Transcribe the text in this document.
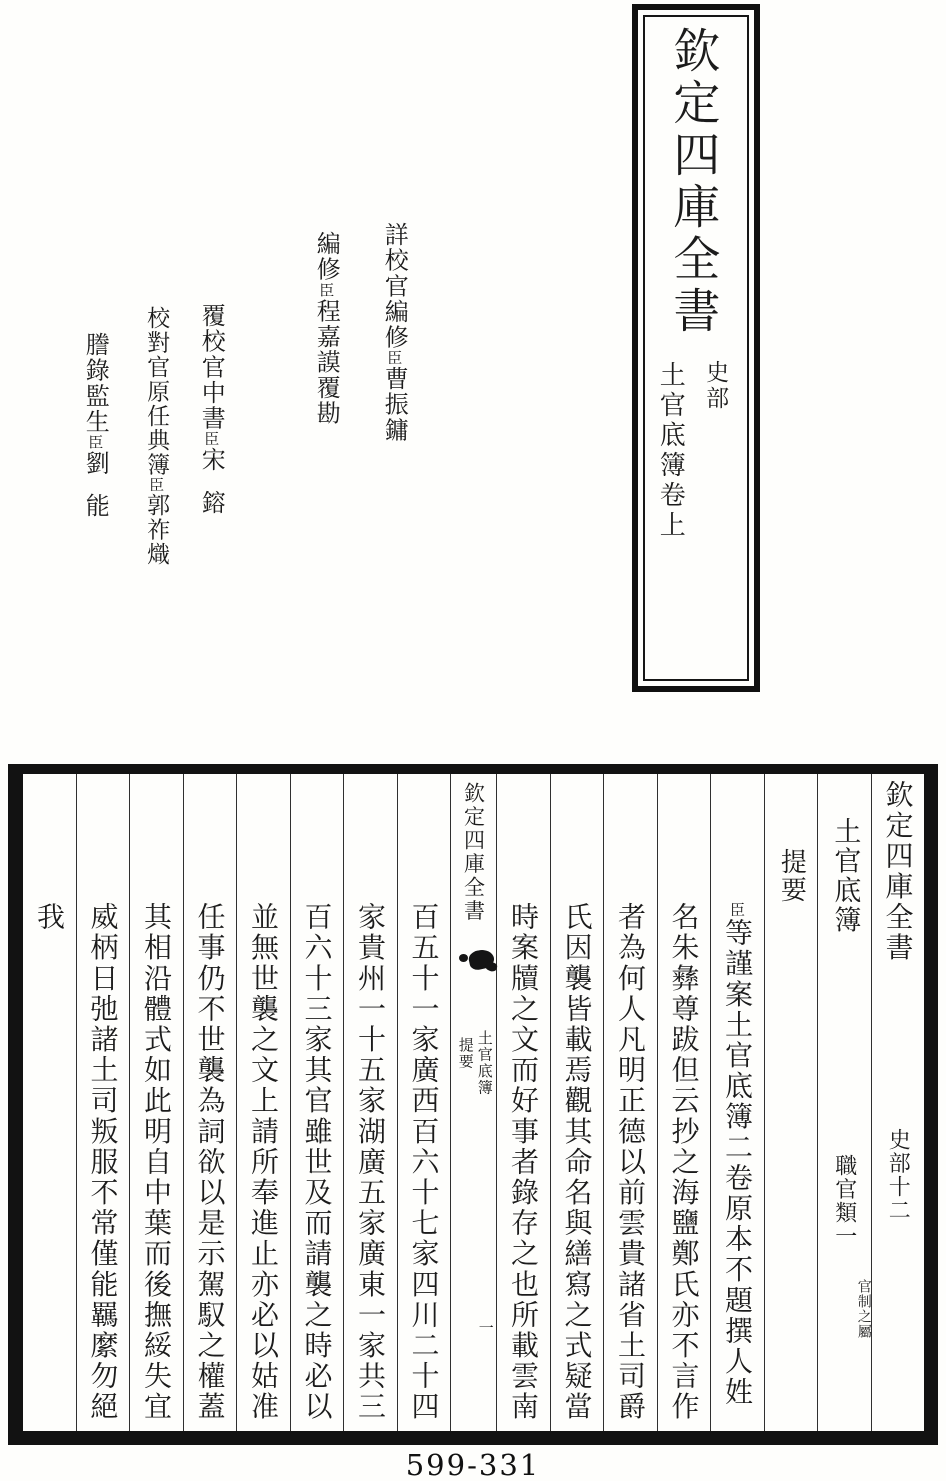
欽定四庫全書
史部
土官底簿卷上
詳校官編修臣曹振鏞
編修臣程嘉謨覆勘
覆校官中書臣宋鎔
校對官原任典簿臣郭祚熾
謄錄監生臣劉能
欽定四庫全書
史部十二
土官底簿
職官類一
官制之屬
提要
臣等謹案土官底簿二卷原本不題撰人姓
名朱彝尊跋但云抄之海鹽鄭氏亦不言作
者為何人凡明正德以前雲貴諸省土司爵
氏因襲皆載焉觀其命名與繕寫之式疑當
時案牘之文而好事者錄存之也所載雲南
欽定四庫全書
土官底簿
提要
一
百五十一家廣西百六十七家四川二十四
家貴州一十五家湖廣五家廣東一家共三
百六十三家其官雖世及而請襲之時必以
並無世襲之文上請所奉進止亦必以姑准
任事仍不世襲為詞欲以是示駕馭之權蓋
其相沿體式如此明自中葉而後撫綏失宜
威柄日弛諸土司叛服不常僅能羈縻勿絕
我
599-331
